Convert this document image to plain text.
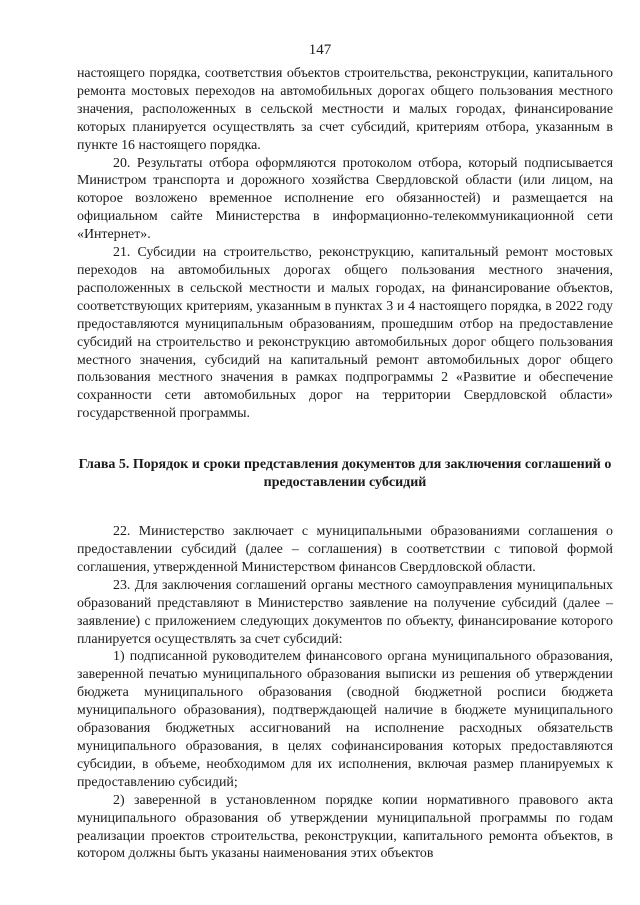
147

настоящего порядка, соответствия объектов строительства, реконструкции, капитального ремонта мостовых переходов на автомобильных дорогах общего пользования местного значения, расположенных в сельской местности и малых городах, финансирование которых планируется осуществлять за счет субсидий, критериям отбора, указанным в пункте 16 настоящего порядка.

20. Результаты отбора оформляются протоколом отбора, который подписывается Министром транспорта и дорожного хозяйства Свердловской области (или лицом, на которое возложено временное исполнение его обязанностей) и размещается на официальном сайте Министерства в информационно-телекоммуникационной сети «Интернет».

21. Субсидии на строительство, реконструкцию, капитальный ремонт мостовых переходов на автомобильных дорогах общего пользования местного значения, расположенных в сельской местности и малых городах, на финансирование объектов, соответствующих критериям, указанным в пунктах 3 и 4 настоящего порядка, в 2022 году предоставляются муниципальным образованиям, прошедшим отбор на предоставление субсидий на строительство и реконструкцию автомобильных дорог общего пользования местного значения, субсидий на капитальный ремонт автомобильных дорог общего пользования местного значения в рамках подпрограммы 2 «Развитие и обеспечение сохранности сети автомобильных дорог на территории Свердловской области» государственной программы.

Глава 5. Порядок и сроки представления документов для заключения соглашений о предоставлении субсидий

22. Министерство заключает с муниципальными образованиями соглашения о предоставлении субсидий (далее – соглашения) в соответствии с типовой формой соглашения, утвержденной Министерством финансов Свердловской области.

23. Для заключения соглашений органы местного самоуправления муниципальных образований представляют в Министерство заявление на получение субсидий (далее – заявление) с приложением следующих документов по объекту, финансирование которого планируется осуществлять за счет субсидий:

1) подписанной руководителем финансового органа муниципального образования, заверенной печатью муниципального образования выписки из решения об утверждении бюджета муниципального образования (сводной бюджетной росписи бюджета муниципального образования), подтверждающей наличие в бюджете муниципального образования бюджетных ассигнований на исполнение расходных обязательств муниципального образования, в целях софинансирования которых предоставляются субсидии, в объеме, необходимом для их исполнения, включая размер планируемых к предоставлению субсидий;

2) заверенной в установленном порядке копии нормативного правового акта муниципального образования об утверждении муниципальной программы по годам реализации проектов строительства, реконструкции, капитального ремонта объектов, в котором должны быть указаны наименования этих объектов
